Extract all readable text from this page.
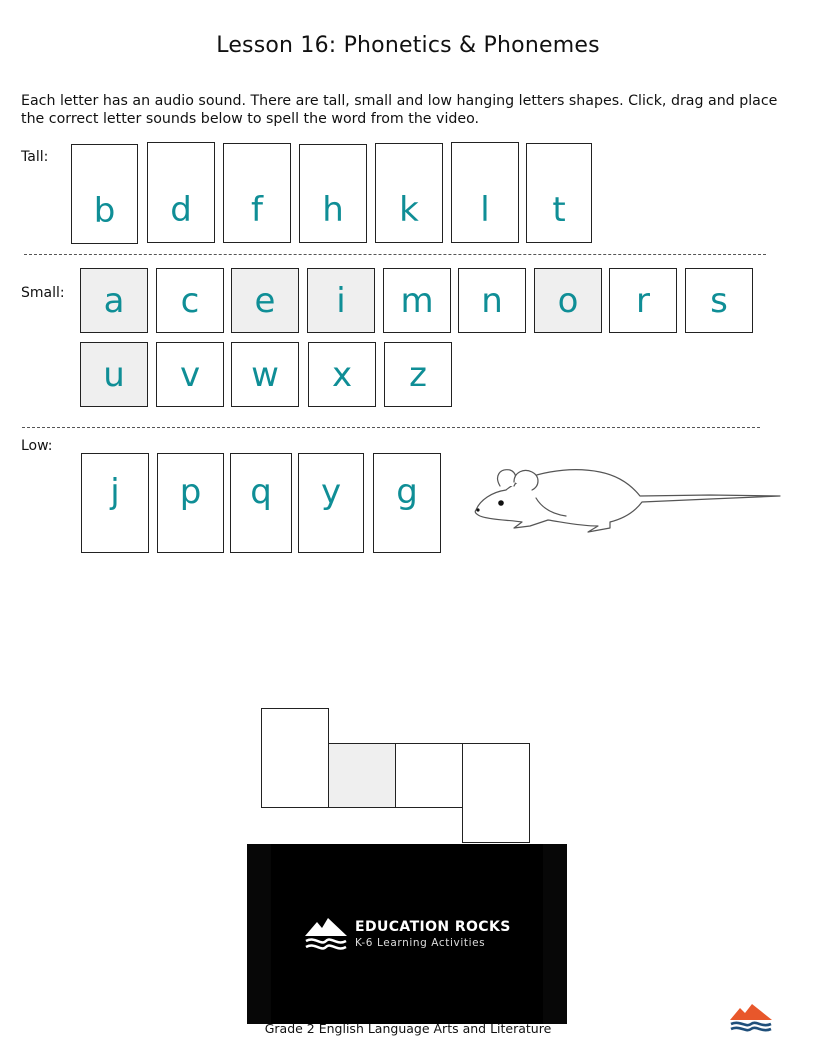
Lesson 16: Phonetics & Phonemes
Each letter has an audio sound. There are tall, small and low hanging letters shapes. Click, drag and place the correct letter sounds below to spell the word from the video.
Tall:
b	d	f	h	k	l	t
Small:	a	c	e	i	m	n	o	r	s
u	v	w	x	z
Low:
j	p	q	y	g
EDUCATION ROCKS
K-6 Learning Activities
Grade 2 English Language Arts and Literature
